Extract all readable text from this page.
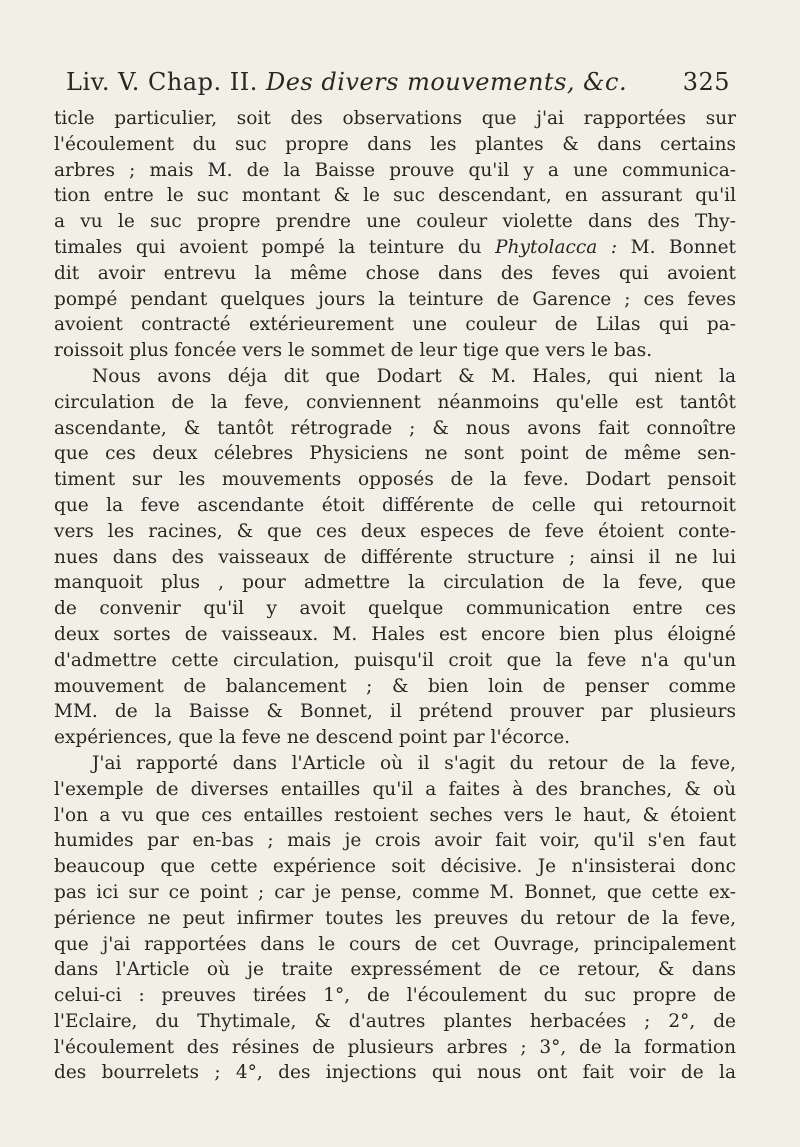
Liv. V. Chap. II. Des divers mouvements, &c. 325
ticle particulier, soit des observations que j'ai rapportées sur
l'écoulement du suc propre dans les plantes & dans certains
arbres ; mais M. de la Baisse prouve qu'il y a une communica-
tion entre le suc montant & le suc descendant, en assurant qu'il
a vu le suc propre prendre une couleur violette dans des Thy-
timales qui avoient pompé la teinture du Phytolacca : M. Bonnet
dit avoir entrevu la même chose dans des feves qui avoient
pompé pendant quelques jours la teinture de Garence ; ces feves
avoient contracté extérieurement une couleur de Lilas qui pa-
roissoit plus foncée vers le sommet de leur tige que vers le bas.
Nous avons déja dit que Dodart & M. Hales, qui nient la
circulation de la feve, conviennent néanmoins qu'elle est tantôt
ascendante, & tantôt rétrograde ; & nous avons fait connoître
que ces deux célebres Physiciens ne sont point de même sen-
timent sur les mouvements opposés de la feve. Dodart pensoit
que la feve ascendante étoit différente de celle qui retournoit
vers les racines, & que ces deux especes de feve étoient conte-
nues dans des vaisseaux de différente structure ; ainsi il ne lui
manquoit plus , pour admettre la circulation de la feve, que
de convenir qu'il y avoit quelque communication entre ces
deux sortes de vaisseaux. M. Hales est encore bien plus éloigné
d'admettre cette circulation, puisqu'il croit que la feve n'a qu'un
mouvement de balancement ; & bien loin de penser comme
MM. de la Baisse & Bonnet, il prétend prouver par plusieurs
expériences, que la feve ne descend point par l'écorce.
J'ai rapporté dans l'Article où il s'agit du retour de la feve,
l'exemple de diverses entailles qu'il a faites à des branches, & où
l'on a vu que ces entailles restoient seches vers le haut, & étoient
humides par en-bas ; mais je crois avoir fait voir, qu'il s'en faut
beaucoup que cette expérience soit décisive. Je n'insisterai donc
pas ici sur ce point ; car je pense, comme M. Bonnet, que cette ex-
périence ne peut infirmer toutes les preuves du retour de la feve,
que j'ai rapportées dans le cours de cet Ouvrage, principalement
dans l'Article où je traite expressément de ce retour, & dans
celui-ci : preuves tirées 1°, de l'écoulement du suc propre de
l'Eclaire, du Thytimale, & d'autres plantes herbacées ; 2°, de
l'écoulement des résines de plusieurs arbres ; 3°, de la formation
des bourrelets ; 4°, des injections qui nous ont fait voir de la
